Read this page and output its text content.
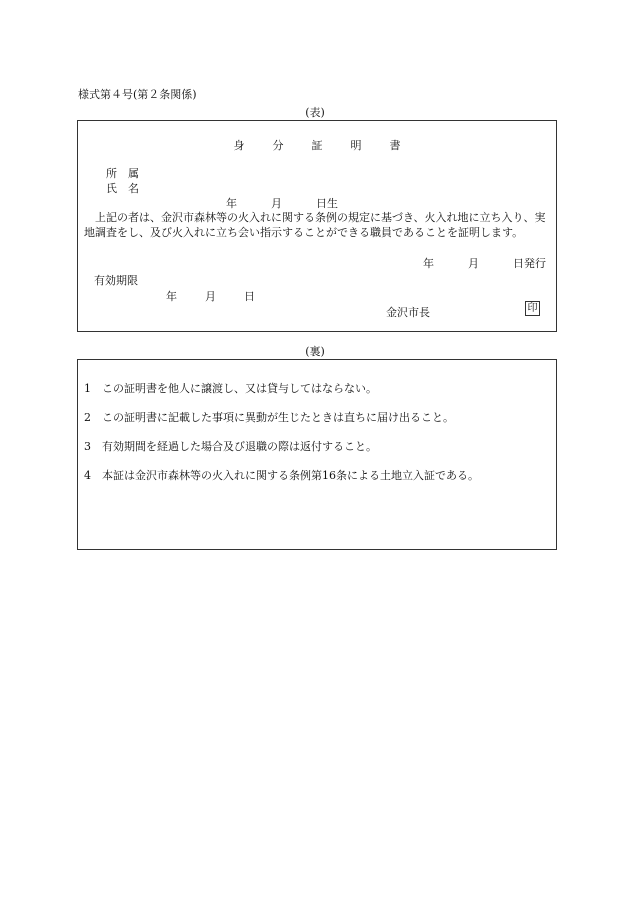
様式第４号(第２条関係)
(表)
身	分	証	明	書
所　属
氏　名
年	月	日生
上記の者は、金沢市森林等の火入れに関する条例の規定に基づき、火入れ地に立ち入り、実地調査をし、及び火入れに立ち会い指示することができる職員であることを証明します。
年	月	日発行
有効期限
年	月	日
金沢市長	印
(裏)
1 この証明書を他人に譲渡し、又は貸与してはならない。
2 この証明書に記載した事項に異動が生じたときは直ちに届け出ること。
3 有効期間を経過した場合及び退職の際は返付すること。
4 本証は金沢市森林等の火入れに関する条例第16条による土地立入証である。
